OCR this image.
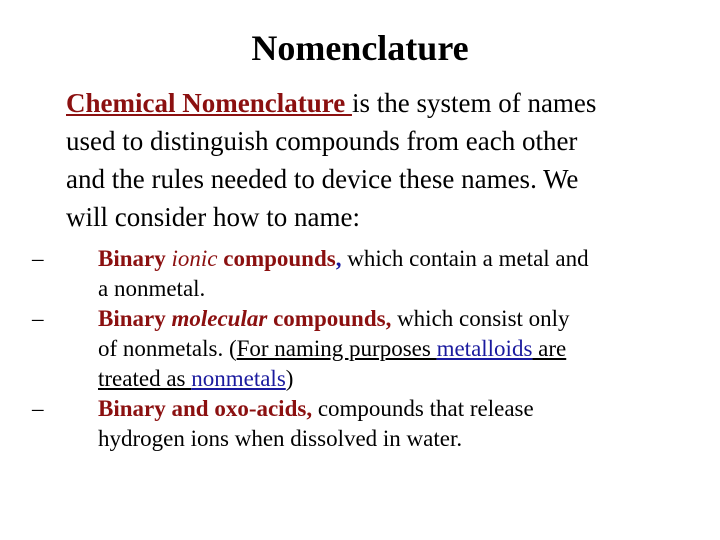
Nomenclature
Chemical Nomenclature is the system of names
used to distinguish compounds from each other
and the rules needed to device these names. We
will consider how to name:
–	Binary ionic compounds, which contain a metal and
a nonmetal.
–	Binary molecular compounds, which consist only
of nonmetals. (For naming purposes metalloids are
treated as nonmetals)
–	Binary and oxo-acids, compounds that release
hydrogen ions when dissolved in water.
